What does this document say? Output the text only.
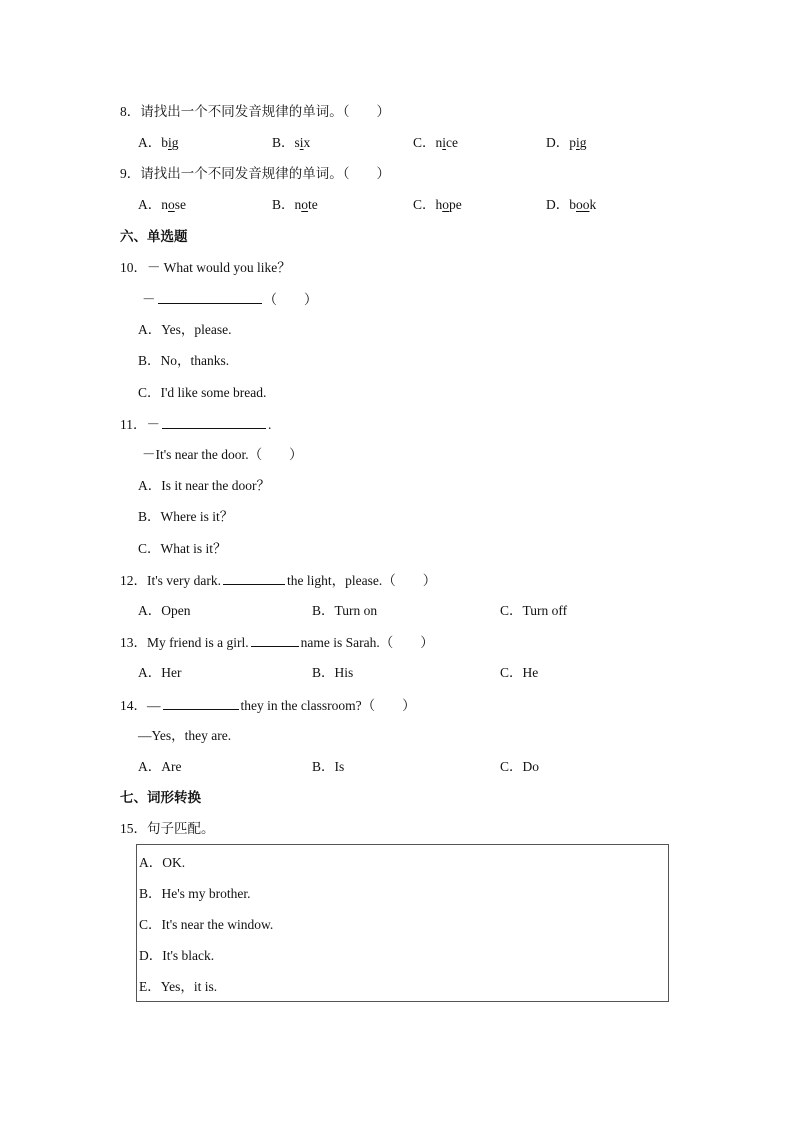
8．请找出一个不同发音规律的单词。（　　）
A．big	B．six	C．nice	D．pig
9．请找出一个不同发音规律的单词。（　　）
A．nose	B．note	C．hope	D．book
六、单选题
10．－ What would you like？
－	（　　）
A．Yes，please.
B．No，thanks.
C．I'd like some bread.
11．－	.
－It's near the door.（　　）
A．Is it near the door？
B．Where is it？
C．What is it？
12．It's very dark.	the light，please.（　　）
A．Open	B．Turn on	C．Turn off
13．My friend is a girl.	name is Sarah.（　　）
A．Her	B．His	C．He
14．—	they in the classroom?（　　）
—Yes，they are.
A．Are	B．Is	C．Do
七、词形转换
15．句子匹配。
A．OK.
B．He's my brother.
C．It's near the window.
D．It's black.
E．Yes，it is.
